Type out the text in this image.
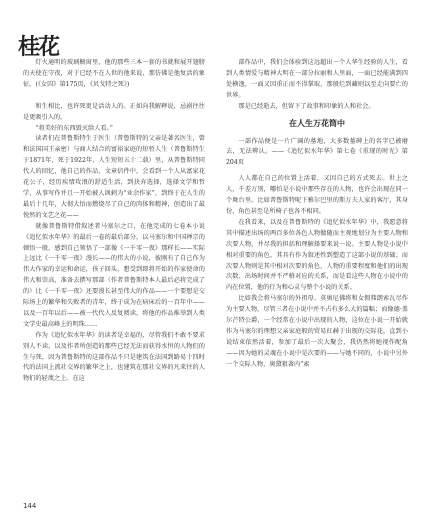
桂花

灯火通明的玻璃橱窗里，他的那些三本一套的书就和展开翅膀的天使在守夜，对于已经不在人世的他来说，那仿佛是他复活的象征。(《女囚》第175页，《贝戈特之死》)

和生相比，也许死更是活动人的。正如向我解释说，忌剧往往是更吸引人的。

“将美好的东西毁灭给人看。”

读者们在普鲁斯特生于医生（普鲁斯特的父亲是著名医生，曾和法国国王亲密）与商人结合的富裕家庭的短暂人生（普鲁斯特生于1871年，死于1922年，人生短短五十二载）里，从普鲁斯特同代人的回忆，他自己的作品、文章信件中，会看到一个人从富家花花公子，经历疾情攻浪的舒适生活，到抉弃选择，选择文学和哲学，从事写作并且一开始被人讽刺为“业余作家”，到终于在人生的最后十几年，大彻大悟而燃烧尽了自己的肉体和精神，创造出了最悦然的文艺之花——

就像普鲁斯特借叙述者马塞尔之口，在他完成的七卷本小说《追忆似水年华》的最后一卷的最后部分，以马塞尔和中国禅宗的顿悟一般，感到自己领悟了一部像《一千零一夜》那样长——实际上远比《一千零一夜》漫长——的伟大的小说，彼刚有了自己作为伟大作家的幸运和命运，孩子回头，想受到即将开始的作家使命的伟大和崇高，准备去撰写那部（作者普鲁斯特本人最后必将完成了的）比《一千零一夜》还要漫长甚至伟大的作品——一个要想是交际场上的繁华和失败者的青年，终于成为在病床后的一百年中——以及一百年以后——被一代代人反复阅读，将他的作品推举到人类文学史最高峰上的明珠……

作为《追忆似水年华》的读者是幸福的，尽管我们不敢不要求别人不读，以及作者所创造的那些已经无法而获得水恒的人物们的生与死，因为普鲁斯特的这部作品不只是建筑在法国到路易十四时代的法国上流社交界的繁华之上，也建筑在那社交界的凡来往的人物们的轻蔑之上。在这

部作品中，我们会体验到这远超出一个人华生经验的人生，看到人类情爱与精神大明在一部分拉丽和人里面，一面已经能满到四处横逸，一面又因重正而不得掌取，那般烂到藏则以至走向要亡的世界。

那是已经逝去，但留下了故事和印象的人和社会。

在人生万花筒中

一部作品便是一片广阔的墓地，大多数墓碑上的名字已被磨去，无法辨认。——《追忆似水年华》第七卷《重现的时光》第204页

人人都在自己的位置上活着，又因自己的方式死去。世上之人，千差万别，哪怕是小说中那些存在的人物，也许会出现在同一个舞台里。比如普鲁斯特呢下雅尔巴里的斯万夫人家的客厅，其身份、角色甚至是所椅子也各不相同。

在我看来，以及在普鲁斯特的《追忆似水年华》中，我愿意将其中描述出场的两百多位各色人物做随而主观地划分为主要人物和次要人物，并尽我的担括和理解择要来说一说。主要人物是小说中相对重要的角色，其具有作为叙述性到塑造了这部小说的基础；而次要人物则是其中相对次要的角色，人物的重要程度和他们的出现次数、出场时间并不严格对应的关系，而是看这些人物在小说中的内在位置，他的行为和心灵与整个小说的关系。

比如我会将马塞尔的外祖母、莫奥尼佛将和女佣弗朗索瓦尽作为主要人物，尽管三者在小说中并不占有多么大的篇幅；而像德·盖尔芒特公爵，一个经常在小说中出现的人物，这位在小说一开始就作为马塞尔的理想父亲家庭般的贸易扛赫于出现的交际花，直到小说结束依然活着，参加了最后一次大聚会，我仍然将她视作配角——因为她的灵魂在小说中是次要的——与她不同的，小说中另外一个交际人物，奥黛狠著内“索

144
